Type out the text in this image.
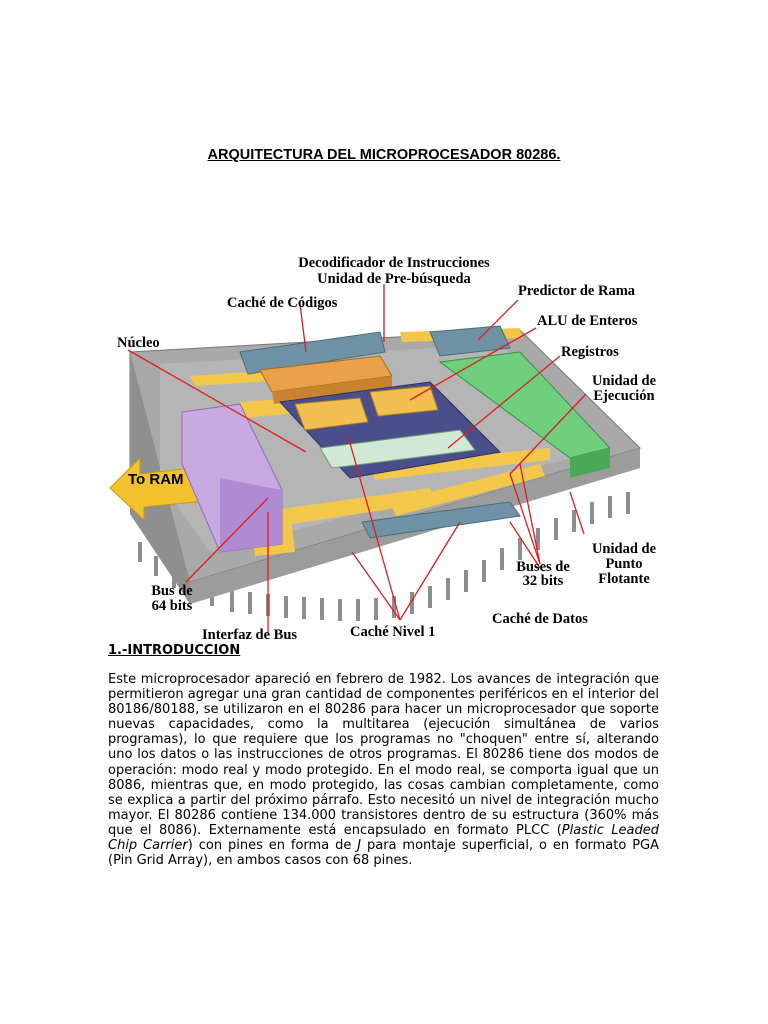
ARQUITECTURA DEL MICROPROCESADOR 80286.
Decodificador de Instrucciones
Unidad de Pre-búsqueda
Caché de Códigos
Predictor de Rama
Núcleo
ALU de Enteros
Registros
Unidad de
Ejecución
To RAM
Unidad de
Punto
Flotante
Buses de
32 bits
Bus de
64 bits
Caché de Datos
Interfaz de Bus	Caché Nivel 1
1.-INTRODUCCION
Este microprocesador apareció en febrero de 1982. Los avances de integración que permitieron agregar una gran cantidad de componentes periféricos en el interior del 80186/80188, se utilizaron en el 80286 para hacer un microprocesador que soporte nuevas capacidades, como la multitarea (ejecución simultánea de varios programas), lo que requiere que los programas no "choquen" entre sí, alterando uno los datos o las instrucciones de otros programas. El 80286 tiene dos modos de operación: modo real y modo protegido. En el modo real, se comporta igual que un 8086, mientras que, en modo protegido, las cosas cambian completamente, como se explica a partir del próximo párrafo. Esto necesitó un nivel de integración mucho mayor. El 80286 contiene 134.000 transistores dentro de su estructura (360% más que el 8086). Externamente está encapsulado en formato PLCC (Plastic Leaded Chip Carrier) con pines en forma de J para montaje superficial, o en formato PGA (Pin Grid Array), en ambos casos con 68 pines.
